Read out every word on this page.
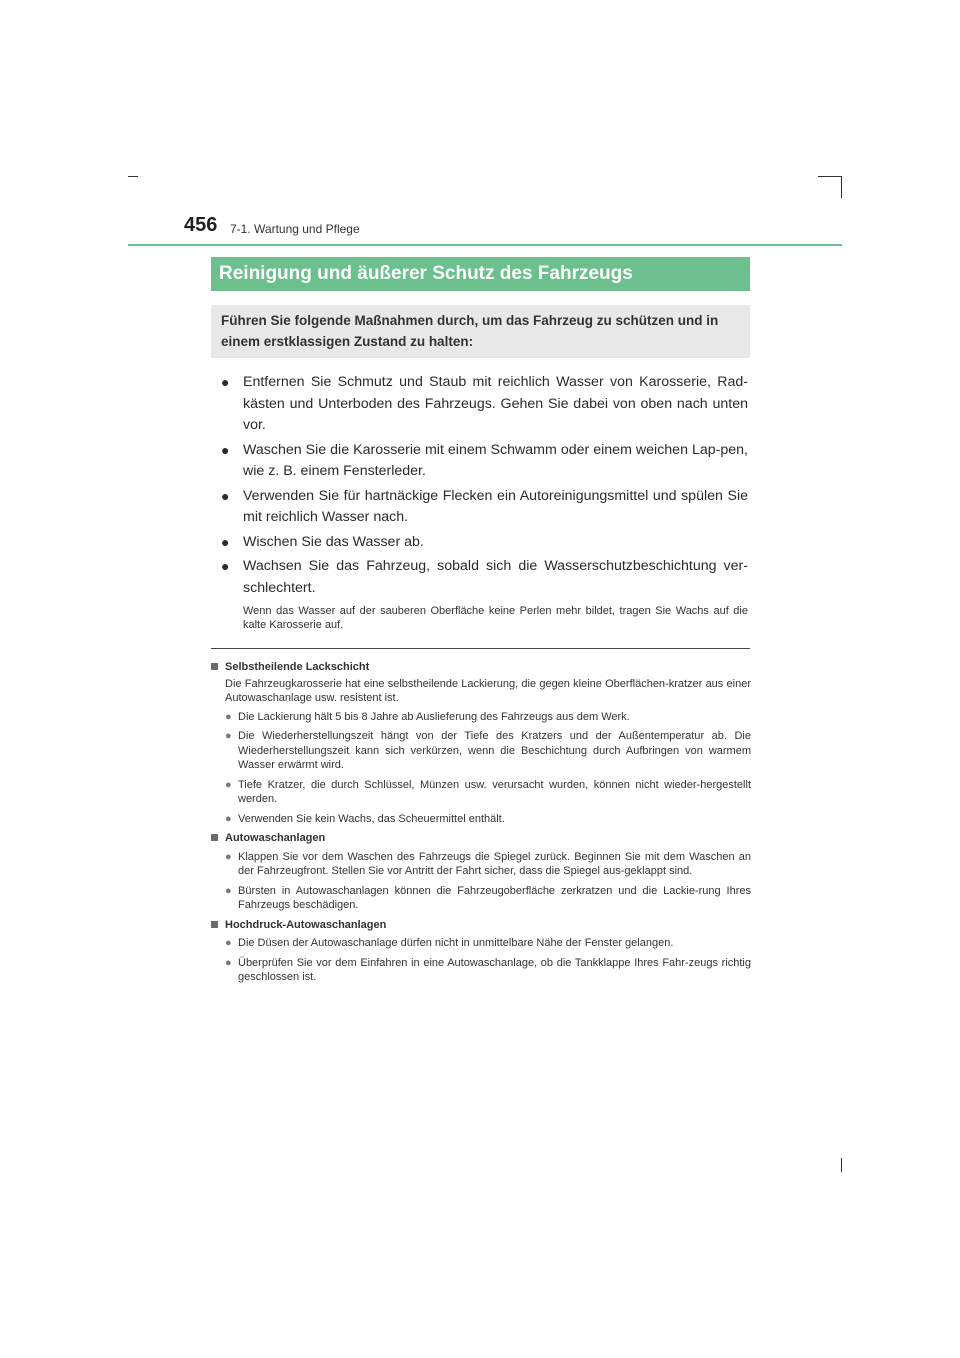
456 7-1. Wartung und Pflege
Reinigung und äußerer Schutz des Fahrzeugs
Führen Sie folgende Maßnahmen durch, um das Fahrzeug zu schützen und in einem erstklassigen Zustand zu halten:
● Entfernen Sie Schmutz und Staub mit reichlich Wasser von Karosserie, Rad-kästen und Unterboden des Fahrzeugs. Gehen Sie dabei von oben nach unten vor.
● Waschen Sie die Karosserie mit einem Schwamm oder einem weichen Lap-pen, wie z. B. einem Fensterleder.
● Verwenden Sie für hartnäckige Flecken ein Autoreinigungsmittel und spülen Sie mit reichlich Wasser nach.
● Wischen Sie das Wasser ab.
● Wachsen Sie das Fahrzeug, sobald sich die Wasserschutzbeschichtung ver-schlechtert.
Wenn das Wasser auf der sauberen Oberfläche keine Perlen mehr bildet, tragen Sie Wachs auf die kalte Karosserie auf.
Selbstheilende Lackschicht
Die Fahrzeugkarosserie hat eine selbstheilende Lackierung, die gegen kleine Oberflächen-kratzer aus einer Autowaschanlage usw. resistent ist.
● Die Lackierung hält 5 bis 8 Jahre ab Auslieferung des Fahrzeugs aus dem Werk.
● Die Wiederherstellungszeit hängt von der Tiefe des Kratzers und der Außentemperatur ab. Die Wiederherstellungszeit kann sich verkürzen, wenn die Beschichtung durch Aufbringen von warmem Wasser erwärmt wird.
● Tiefe Kratzer, die durch Schlüssel, Münzen usw. verursacht wurden, können nicht wieder-hergestellt werden.
● Verwenden Sie kein Wachs, das Scheuermittel enthält.
Autowaschanlagen
● Klappen Sie vor dem Waschen des Fahrzeugs die Spiegel zurück. Beginnen Sie mit dem Waschen an der Fahrzeugfront. Stellen Sie vor Antritt der Fahrt sicher, dass die Spiegel aus-geklappt sind.
● Bürsten in Autowaschanlagen können die Fahrzeugoberfläche zerkratzen und die Lackie-rung Ihres Fahrzeugs beschädigen.
Hochdruck-Autowaschanlagen
● Die Düsen der Autowaschanlage dürfen nicht in unmittelbare Nähe der Fenster gelangen.
● Überprüfen Sie vor dem Einfahren in eine Autowaschanlage, ob die Tankklappe Ihres Fahr-zeugs richtig geschlossen ist.
